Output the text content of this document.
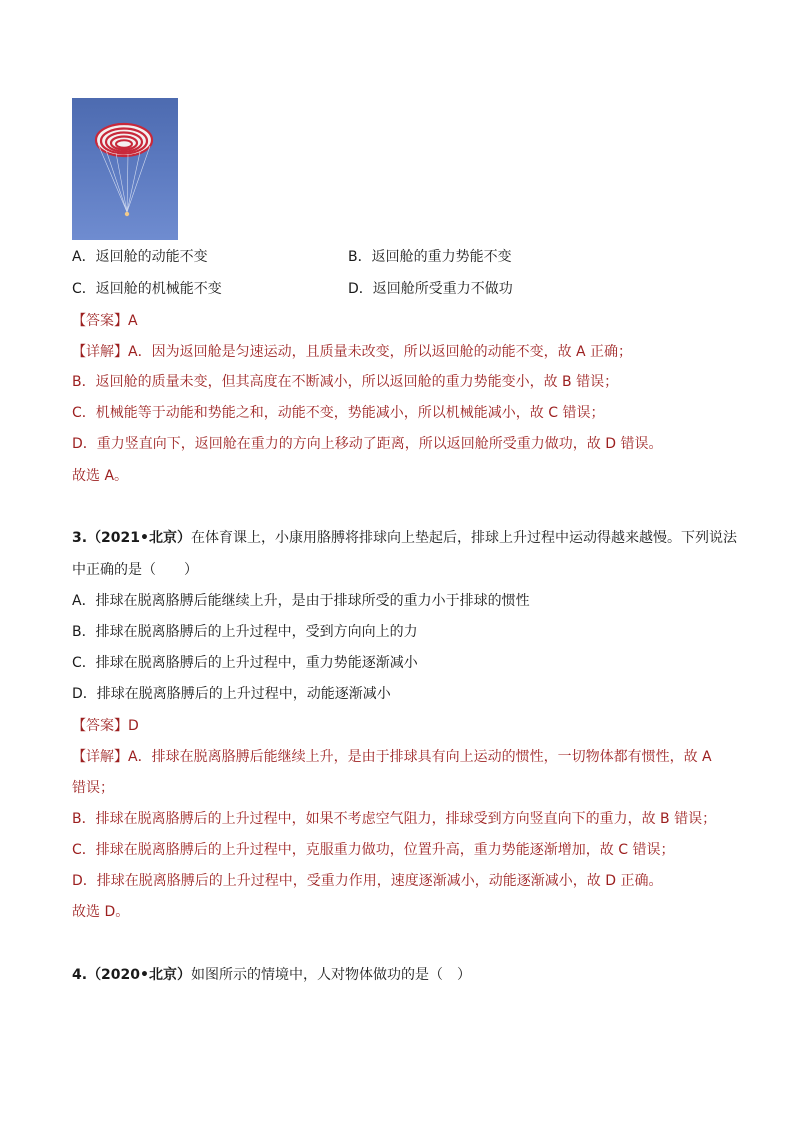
A．返回舱的动能不变	B．返回舱的重力势能不变
C．返回舱的机械能不变	D．返回舱所受重力不做功
【答案】A
【详解】A．因为返回舱是匀速运动，且质量未改变，所以返回舱的动能不变，故 A 正确；
B．返回舱的质量未变，但其高度在不断减小，所以返回舱的重力势能变小，故 B 错误；
C．机械能等于动能和势能之和，动能不变，势能减小，所以机械能减小，故 C 错误；
D．重力竖直向下，返回舱在重力的方向上移动了距离，所以返回舱所受重力做功，故 D 错误。
故选 A。
3.（2021•北京）在体育课上，小康用胳膊将排球向上垫起后，排球上升过程中运动得越来越慢。下列说法
中正确的是（　　）
A．排球在脱离胳膊后能继续上升，是由于排球所受的重力小于排球的惯性
B．排球在脱离胳膊后的上升过程中，受到方向向上的力
C．排球在脱离胳膊后的上升过程中，重力势能逐渐减小
D．排球在脱离胳膊后的上升过程中，动能逐渐减小
【答案】D
【详解】A．排球在脱离胳膊后能继续上升，是由于排球具有向上运动的惯性，一切物体都有惯性，故 A
错误；
B．排球在脱离胳膊后的上升过程中，如果不考虑空气阻力，排球受到方向竖直向下的重力，故 B 错误；
C．排球在脱离胳膊后的上升过程中，克服重力做功，位置升高，重力势能逐渐增加，故 C 错误；
D．排球在脱离胳膊后的上升过程中，受重力作用，速度逐渐减小，动能逐渐减小，故 D 正确。
故选 D。
4.（2020•北京）如图所示的情境中，人对物体做功的是（　）
